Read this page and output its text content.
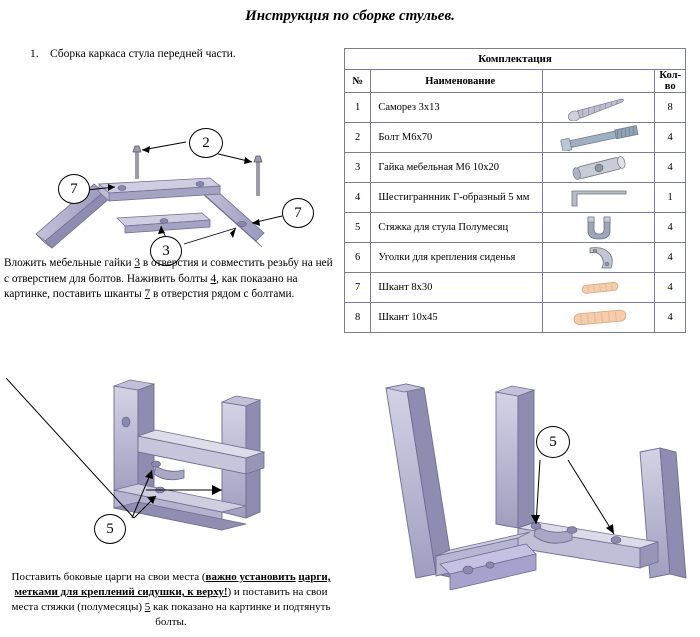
Инструкция по сборке стульев.
1. Сборка каркаса стула передней части.
2
7
7
3
Вложить мебельные гайки 3 в отверстия и совместить резьбу на ней с отверстием для болтов. Наживить болты 4, как показано на картинке, поставить шканты 7 в отверстия рядом с болтами.
Комплектация			
№	Наименование		Кол-во
1	Саморез 3х13		8
2	Болт М6х70		4
3	Гайка мебельная М6 10х20		4
4	Шестиграннник Г-образный 5 мм		1
5	Стяжка для стула Полумесяц		4
6	Уголки для крепления сиденья		4
7	Шкант 8х30		4
8	Шкант 10х45		4
5
5
Поставить боковые царги на свои места (важно установить царги, метками для креплений сидушки, к верху!) и поставить на свои места стяжки (полумесяцы) 5 как показано на картинке и подтянуть болты.
